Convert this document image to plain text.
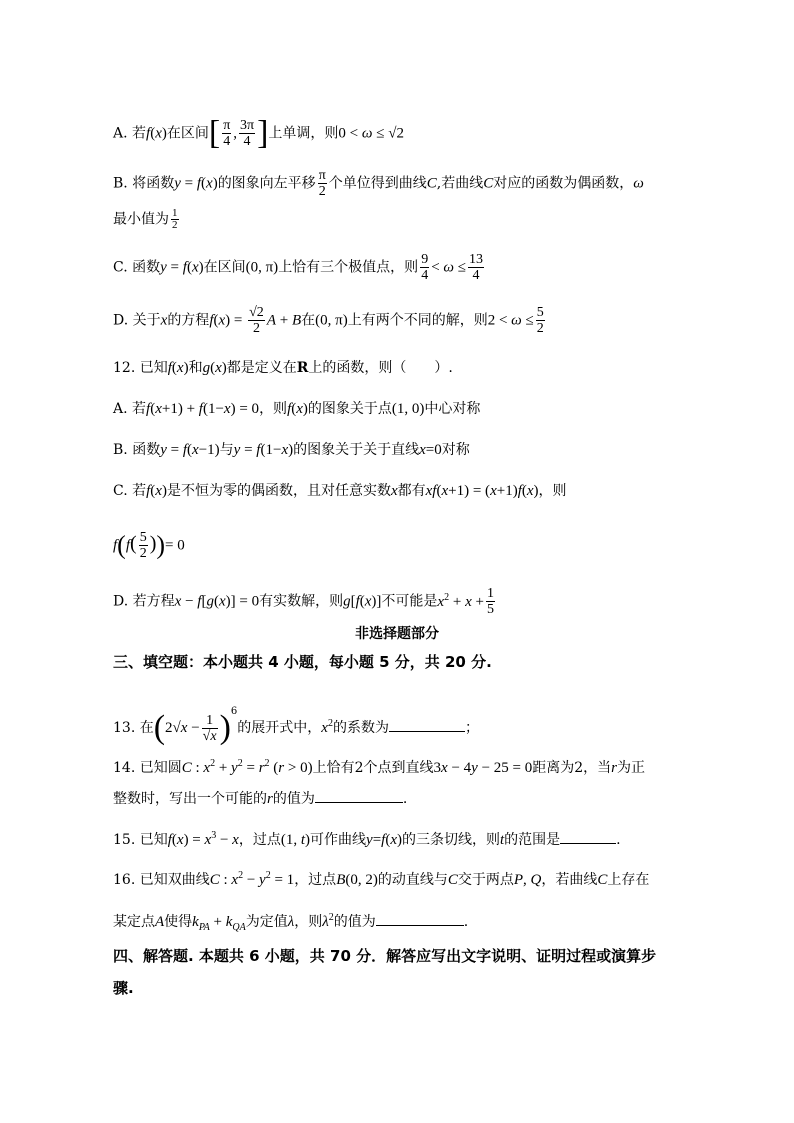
A. 若f(x)在区间[ $\frac{\pi}{4}$ , $\frac{3\pi}{4}$ ]上单调，则0 < ω ≤ √2
B. 将函数y = f(x)的图象向左平移 $\frac{\pi}{2}$ 个单位得到曲线C,若曲线C对应的函数为偶函数，ω
最小值为 $\frac{1}{2}$
C. 函数y = f(x)在区间(0, π)上恰有三个极值点，则 $\frac{9}{4} < \omega \le \frac{13}{4}$
D. 关于x的方程$f(x) = \frac{√2}{2}$ A + B在(0, π)上有两个不同的解，则$2 < \omega \le \frac{5}{2}$
12. 已知f(x)和g(x)都是定义在R上的函数，则（　　）.
A. 若f(x+1) + f(1−x) = 0，则f(x)的图象关于点(1, 0)中心对称
B. 函数y = f(x−1)与y = f(1−x)的图象关于关于直线x=0对称
C. 若f(x)是不恒为零的偶函数，且对任意实数x都有xf(x+1) = (x+1)f(x)，则
$f(f( \frac{5}{2}$ ))= 0
D. 若方程x − f[g(x)] = 0有实数解，则g[f(x)]不可能是$x^2 + x + \frac{1}{5}$
非选择题部分
三、填空题：本小题共 4 小题，每小题 5 分，共 20 分.
13. 在$(2√x - \frac{1}{√x} )^6$的展开式中，$x^2$的系数为	；
14. 已知圆C : $x^2 + y^2 = r^2$ (r > 0)上恰有2个点到直线3x − 4y − 25 = 0距离为2，当r为正
整数时，写出一个可能的r的值为	.
15. 已知$f(x) = x^3 - x$，过点(1, t)可作曲线y=f(x)的三条切线，则t的范围是	.
16. 已知双曲线C : $x^2 - y^2 = 1$，过点B(0, 2)的动直线与C交于两点P, Q，若曲线C上存在
某定点A使得$k_{PA} + k_{QA}$为定值λ，则$\lambda^2$的值为	.
四、解答题. 本题共 6 小题，共 70 分．解答应写出文字说明、证明过程或演算步
骤.
